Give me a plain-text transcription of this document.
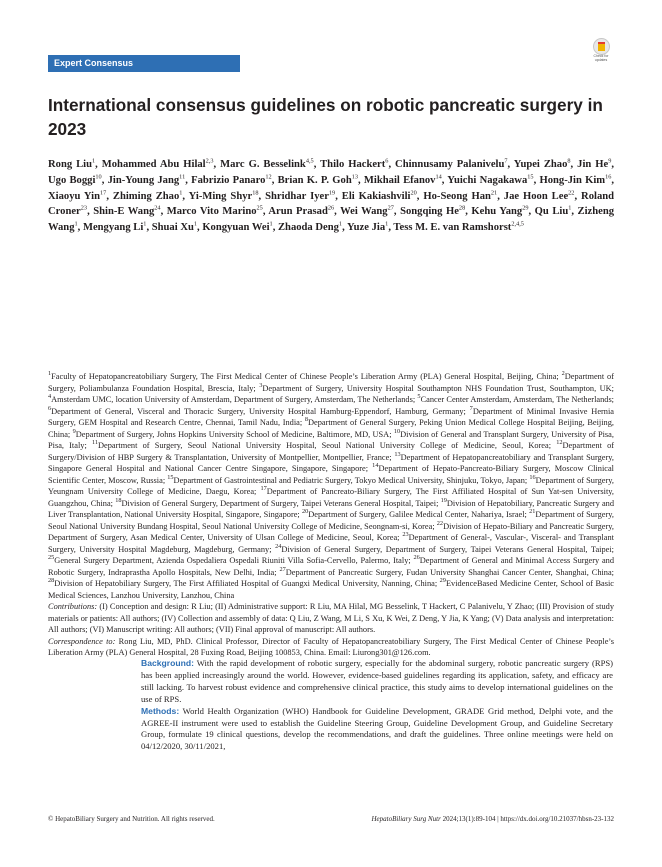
Expert Consensus
Check for updates
International consensus guidelines on robotic pancreatic surgery in 2023

Rong Liu$^1$, Mohammed Abu Hilal$^{2,3}$, Marc G. Besselink$^{4,5}$, Thilo Hackert$^6$, Chinnusamy Palanivelu$^7$, Yupei Zhao$^8$, Jin He$^9$, Ugo Boggi$^{10}$, Jin-Young Jang$^{11}$, Fabrizio Panaro$^{12}$, Brian K. P. Goh$^{13}$, Mikhail Efanov$^{14}$, Yuichi Nagakawa$^{15}$, Hong-Jin Kim$^{16}$, Xiaoyu Yin$^{17}$, Zhiming Zhao$^1$, Yi-Ming Shyr$^{18}$, Shridhar Iyer$^{19}$, Eli Kakiashvili$^{20}$, Ho-Seong Han$^{21}$, Jae Hoon Lee$^{22}$, Roland Croner$^{23}$, Shin-E Wang$^{24}$, Marco Vito Marino$^{25}$, Arun Prasad$^{26}$, Wei Wang$^{27}$, Songqing He$^{28}$, Kehu Yang$^{29}$, Qu Liu$^1$, Zizheng Wang$^1$, Mengyang Li$^1$, Shuai Xu$^1$, Kongyuan Wei$^1$, Zhaoda Deng$^1$, Yuze Jia$^1$, Tess M. E. van Ramshorst$^{2,4,5}$

$^1$Faculty of Hepatopancreatobiliary Surgery, The First Medical Center of Chinese People’s Liberation Army (PLA) General Hospital, Beijing, China; $^2$Department of Surgery, Poliambulanza Foundation Hospital, Brescia, Italy; $^3$Department of Surgery, University Hospital Southampton NHS Foundation Trust, Southampton, UK; $^4$Amsterdam UMC, location University of Amsterdam, Department of Surgery, Amsterdam, The Netherlands; $^5$Cancer Center Amsterdam, Amsterdam, The Netherlands; $^6$Department of General, Visceral and Thoracic Surgery, University Hospital Hamburg-Eppendorf, Hamburg, Germany; $^7$Department of Minimal Invasive Hernia Surgery, GEM Hospital and Research Centre, Chennai, Tamil Nadu, India; $^8$Department of General Surgery, Peking Union Medical College Hospital Beijing, Beijing, China; $^9$Department of Surgery, Johns Hopkins University School of Medicine, Baltimore, MD, USA; $^{10}$Division of General and Transplant Surgery, University of Pisa, Pisa, Italy; $^{11}$Department of Surgery, Seoul National University Hospital, Seoul National University College of Medicine, Seoul, Korea; $^{12}$Department of Surgery/Division of HBP Surgery & Transplantation, University of Montpellier, Montpellier, France; $^{13}$Department of Hepatopancreatobiliary and Transplant Surgery, Singapore General Hospital and National Cancer Centre Singapore, Singapore, Singapore; $^{14}$Department of Hepato-Pancreato-Biliary Surgery, Moscow Clinical Scientific Center, Moscow, Russia; $^{15}$Department of Gastrointestinal and Pediatric Surgery, Tokyo Medical University, Shinjuku, Tokyo, Japan; $^{16}$Department of Surgery, Yeungnam University College of Medicine, Daegu, Korea; $^{17}$Department of Pancreato-Biliary Surgery, The First Affiliated Hospital of Sun Yat-sen University, Guangzhou, China; $^{18}$Division of General Surgery, Department of Surgery, Taipei Veterans General Hospital, Taipei; $^{19}$Division of Hepatobiliary, Pancreatic Surgery and Liver Transplantation, National University Hospital, Singapore, Singapore; $^{20}$Department of Surgery, Galilee Medical Center, Nahariya, Israel; $^{21}$Department of Surgery, Seoul National University Bundang Hospital, Seoul National University College of Medicine, Seongnam-si, Korea; $^{22}$Division of Hepato-Biliary and Pancreatic Surgery, Department of Surgery, Asan Medical Center, University of Ulsan College of Medicine, Seoul, Korea; $^{23}$Department of General-, Vascular-, Visceral- and Transplant Surgery, University Hospital Magdeburg, Magdeburg, Germany; $^{24}$Division of General Surgery, Department of Surgery, Taipei Veterans General Hospital, Taipei; $^{25}$General Surgery Department, Azienda Ospedaliera Ospedali Riuniti Villa Sofia-Cervello, Palermo, Italy; $^{26}$Department of General and Minimal Access Surgery and Robotic Surgery, Indraprastha Apollo Hospitals, New Delhi, India; $^{27}$Department of Pancreatic Surgery, Fudan University Shanghai Cancer Center, Shanghai, China; $^{28}$Division of Hepatobiliary Surgery, The First Affiliated Hospital of Guangxi Medical University, Nanning, China; $^{29}$EvidenceBased Medicine Center, School of Basic Medical Sciences, Lanzhou University, Lanzhou, China

Contributions: (I) Conception and design: R Liu; (II) Administrative support: R Liu, MA Hilal, MG Besselink, T Hackert, C Palanivelu, Y Zhao; (III) Provision of study materials or patients: All authors; (IV) Collection and assembly of data: Q Liu, Z Wang, M Li, S Xu, K Wei, Z Deng, Y Jia, K Yang; (V) Data analysis and interpretation: All authors; (VI) Manuscript writing: All authors; (VII) Final approval of manuscript: All authors.

Correspondence to: Rong Liu, MD, PhD. Clinical Professor, Director of Faculty of Hepatopancreatobiliary Surgery, The First Medical Center of Chinese People’s Liberation Army (PLA) General Hospital, 28 Fuxing Road, Beijing 100853, China. Email: Liurong301@126.com.

Background: With the rapid development of robotic surgery, especially for the abdominal surgery, robotic pancreatic surgery (RPS) has been applied increasingly around the world. However, evidence-based guidelines regarding its application, safety, and efficacy are still lacking. To harvest robust evidence and comprehensive clinical practice, this study aims to develop international guidelines on the use of RPS.
Methods: World Health Organization (WHO) Handbook for Guideline Development, GRADE Grid method, Delphi vote, and the AGREE-II instrument were used to establish the Guideline Steering Group, Guideline Development Group, and Guideline Secretary Group, formulate 19 clinical questions, develop the recommendations, and draft the guidelines. Three online meetings were held on 04/12/2020, 30/11/2021,
© HepatoBiliary Surgery and Nutrition. All rights reserved.	HepatoBiliary Surg Nutr 2024;13(1):89-104 | https://dx.doi.org/10.21037/hbsn-23-132
